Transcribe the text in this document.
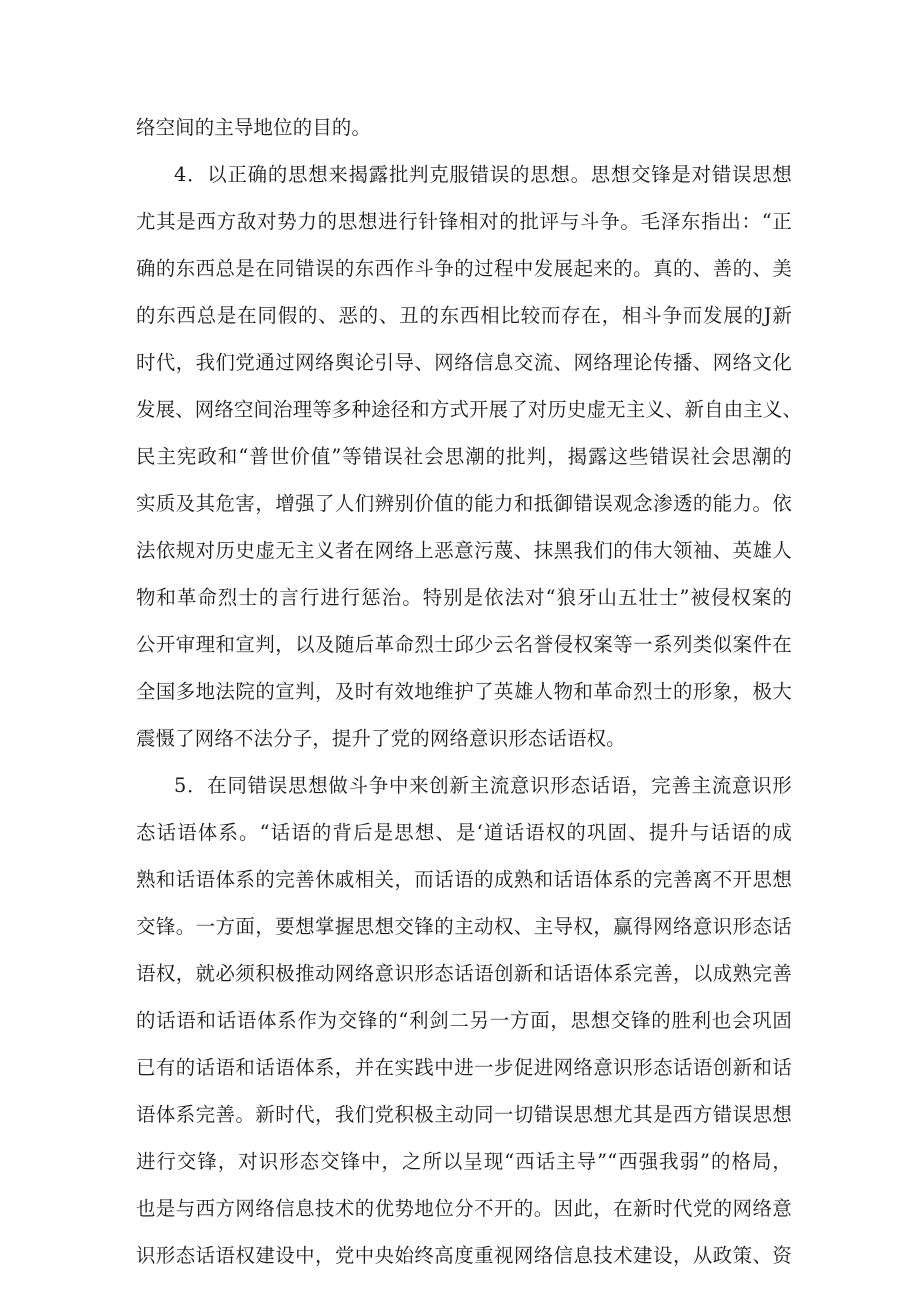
络空间的主导地位的目的。
4．以正确的思想来揭露批判克服错误的思想。思想交锋是对错误思想
尤其是西方敌对势力的思想进行针锋相对的批评与斗争。毛泽东指出：“正
确的东西总是在同错误的东西作斗争的过程中发展起来的。真的、善的、美
的东西总是在同假的、恶的、丑的东西相比较而存在，相斗争而发展的J新
时代，我们党通过网络舆论引导、网络信息交流、网络理论传播、网络文化
发展、网络空间治理等多种途径和方式开展了对历史虚无主义、新自由主义、
民主宪政和“普世价值”等错误社会思潮的批判，揭露这些错误社会思潮的
实质及其危害，增强了人们辨别价值的能力和抵御错误观念渗透的能力。依
法依规对历史虚无主义者在网络上恶意污蔑、抹黑我们的伟大领袖、英雄人
物和革命烈士的言行进行惩治。特别是依法对“狼牙山五壮士”被侵权案的
公开审理和宣判，以及随后革命烈士邱少云名誉侵权案等一系列类似案件在
全国多地法院的宣判，及时有效地维护了英雄人物和革命烈士的形象，极大
震慑了网络不法分子，提升了党的网络意识形态话语权。
5．在同错误思想做斗争中来创新主流意识形态话语，完善主流意识形
态话语体系。“话语的背后是思想、是‘道话语权的巩固、提升与话语的成
熟和话语体系的完善休戚相关，而话语的成熟和话语体系的完善离不开思想
交锋。一方面，要想掌握思想交锋的主动权、主导权，赢得网络意识形态话
语权，就必须积极推动网络意识形态话语创新和话语体系完善，以成熟完善
的话语和话语体系作为交锋的“利剑二另一方面，思想交锋的胜利也会巩固
已有的话语和话语体系，并在实践中进一步促进网络意识形态话语创新和话
语体系完善。新时代，我们党积极主动同一切错误思想尤其是西方错误思想
进行交锋，对识形态交锋中，之所以呈现“西话主导”“西强我弱”的格局，
也是与西方网络信息技术的优势地位分不开的。因此，在新时代党的网络意
识形态话语权建设中，党中央始终高度重视网络信息技术建设，从政策、资
